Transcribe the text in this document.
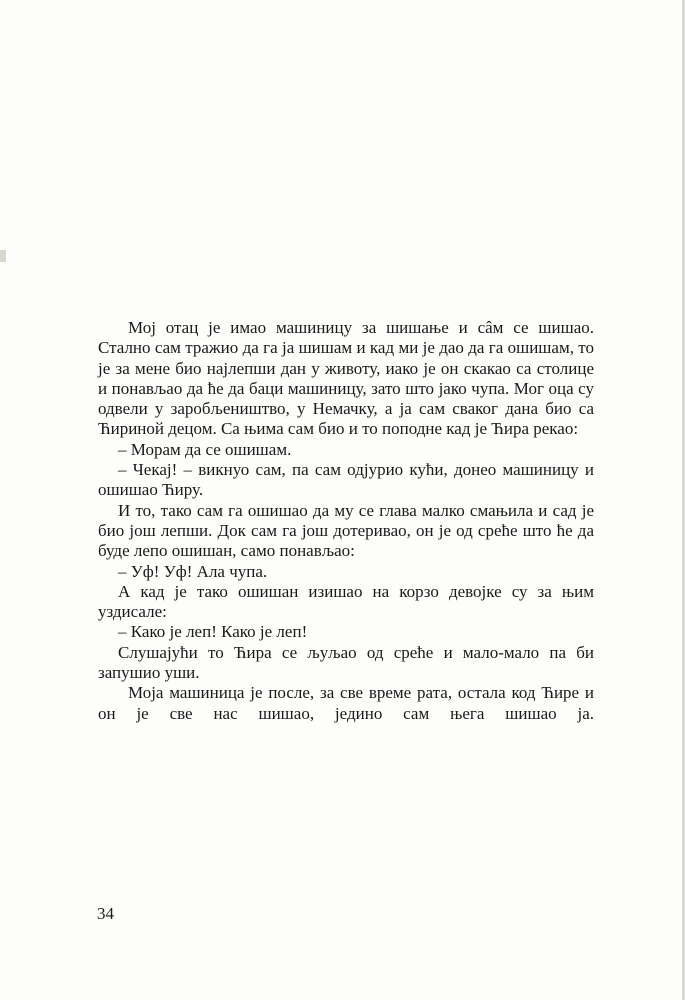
Мој отац је имао машиницу за шишање и сâм се шишао. Стално сам тражио да га ја шишам и кад ми је дао да га ошишам, то је за мене био најлепши дан у животу, иако је он скакао са столице и понављао да ће да баци машиницу, зато што јако чупа. Мог оца су одвели у заробљеништво, у Немачку, а ја сам сваког дана био са Ћириной децом. Са њима сам био и то поподне кад је Ћира рекао:

– Морам да се ошишам.

– Чекај! – викнуо сам, па сам одјурио кући, донео машиницу и ошишао Ћиру.

И то, тако сам га ошишао да му се глава малко смањила и сад је био још лепши. Док сам га још дотеривао, он је од среће што ће да буде лепо ошишан, само понављао:

– Уф! Уф! Ала чупа.

А кад је тако ошишан изишао на корзо девојке су за њим уздисале:

– Како је леп! Како је леп!

Слушајући то Ћира се љуљао од среће и мало-мало па би запушио уши.

Моја машиница је после, за све време рата, остала код Ћире и он је све нас шишао, једино сам њега шишао ја.

34
